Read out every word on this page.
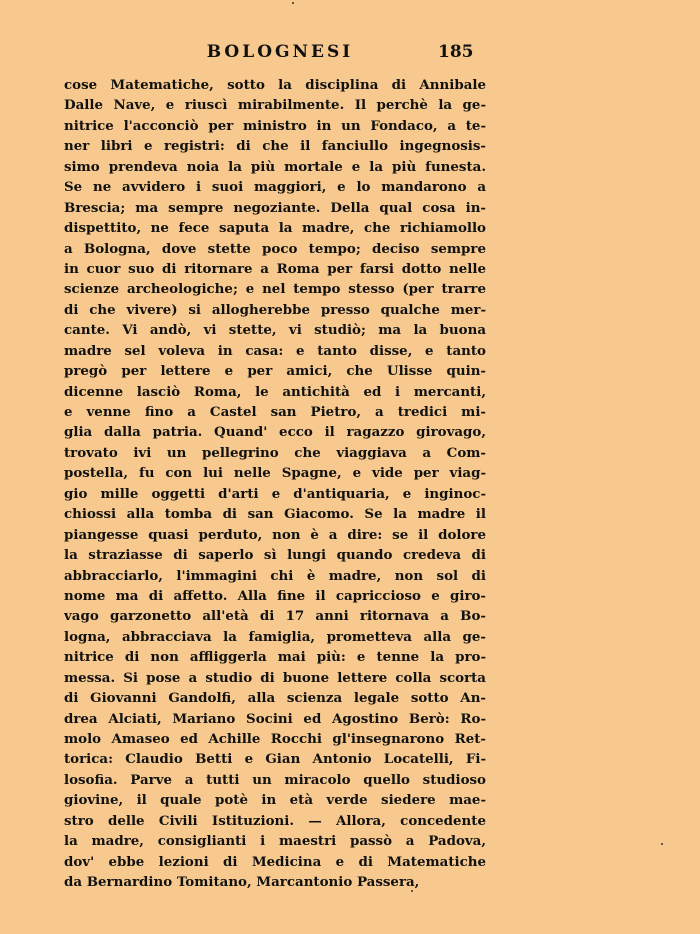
BOLOGNESI	185
cose Matematiche, sotto la disciplina di Annibale
Dalle Nave, e riuscì mirabilmente. Il perchè la ge-
nitrice l'acconciò per ministro in un Fondaco, a te-
ner libri e registri: di che il fanciullo ingegnosis-
simo prendeva noia la più mortale e la più funesta.
Se ne avvidero i suoi maggiori, e lo mandarono a
Brescia; ma sempre negoziante. Della qual cosa in-
dispettito, ne fece saputa la madre, che richiamollo
a Bologna, dove stette poco tempo; deciso sempre
in cuor suo di ritornare a Roma per farsi dotto nelle
scienze archeologiche; e nel tempo stesso (per trarre
di che vivere) si allogherebbe presso qualche mer-
cante. Vi andò, vi stette, vi studiò; ma la buona
madre sel voleva in casa: e tanto disse, e tanto
pregò per lettere e per amici, che Ulisse quin-
dicenne lasciò Roma, le antichità ed i mercanti,
e venne fino a Castel san Pietro, a tredici mi-
glia dalla patria. Quand' ecco il ragazzo girovago,
trovato ivi un pellegrino che viaggiava a Com-
postella, fu con lui nelle Spagne, e vide per viag-
gio mille oggetti d'arti e d'antiquaria, e inginoc-
chiossi alla tomba di san Giacomo. Se la madre il
piangesse quasi perduto, non è a dire: se il dolore
la straziasse di saperlo sì lungi quando credeva di
abbracciarlo, l'immagini chi è madre, non sol di
nome ma di affetto. Alla fine il capriccioso e giro-
vago garzonetto all'età di 17 anni ritornava a Bo-
logna, abbracciava la famiglia, prometteva alla ge-
nitrice di non affliggerla mai più: e tenne la pro-
messa. Si pose a studio di buone lettere colla scorta
di Giovanni Gandolfi, alla scienza legale sotto An-
drea Alciati, Mariano Socini ed Agostino Berò: Ro-
molo Amaseo ed Achille Rocchi gl'insegnarono Ret-
torica: Claudio Betti e Gian Antonio Locatelli, Fi-
losofia. Parve a tutti un miracolo quello studioso
giovine, il quale potè in età verde siedere mae-
stro delle Civili Istituzioni. — Allora, concedente
la madre, consiglianti i maestri passò a Padova,
dov' ebbe lezioni di Medicina e di Matematiche
da Bernardino Tomitano, Marcantonio Passera,
